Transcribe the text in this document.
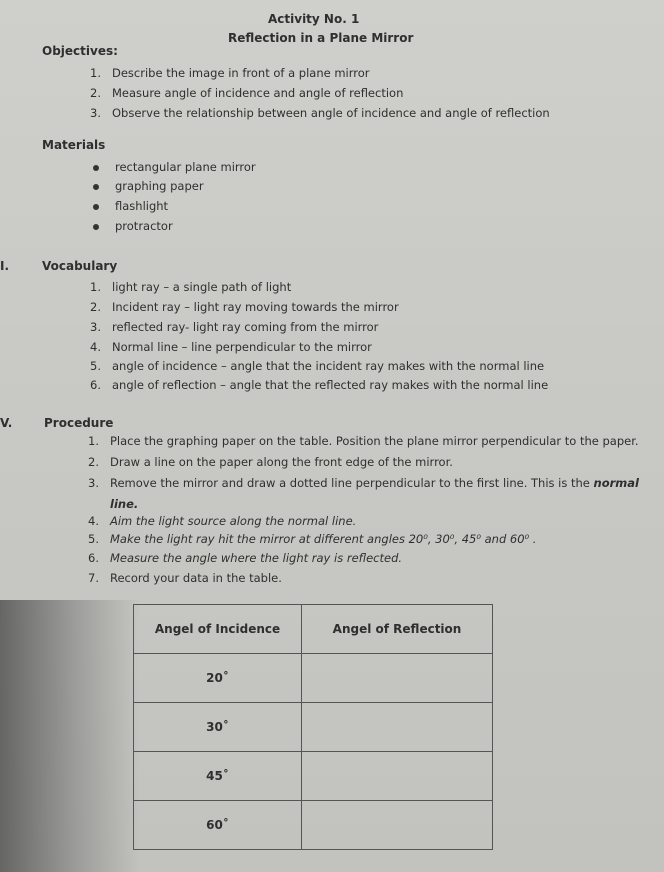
Activity No. 1
Reflection in a Plane Mirror
Objectives:
1. Describe the image in front of a plane mirror
2. Measure angle of incidence and angle of reflection
3. Observe the relationship between angle of incidence and angle of reflection
Materials
rectangular plane mirror
graphing paper
flashlight
protractor
I.	Vocabulary
1. light ray – a single path of light
2. Incident ray – light ray moving towards the mirror
3. reflected ray- light ray coming from the mirror
4. Normal line – line perpendicular to the mirror
5. angle of incidence – angle that the incident ray makes with the normal line
6. angle of reflection – angle that the reflected ray makes with the normal line
V.	Procedure
1. Place the graphing paper on the table. Position the plane mirror perpendicular to the paper.
2. Draw a line on the paper along the front edge of the mirror.
3. Remove the mirror and draw a dotted line perpendicular to the first line. This is the normal
line.
4. Aim the light source along the normal line.
5. Make the light ray hit the mirror at different angles 20⁰, 30⁰, 45⁰ and 60⁰ .
6. Measure the angle where the light ray is reflected.
7. Record your data in the table.
Angel of Incidence	Angel of Reflection
20˚	
30˚	
45˚	
60˚	
